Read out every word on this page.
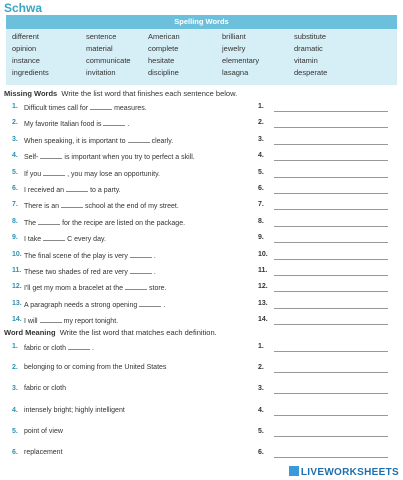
Schwa
Spelling Words
different	sentence	American	brilliant	substitute
opinion	material	complete	jewelry	dramatic
instance	communicate	hesitate	elementary	vitamin
ingredients	invitation	discipline	lasagna	desperate
Missing Words Write the list word that finishes each sentence below.
1. Difficult times call for	measures.	1.
2. My favorite Italian food is	.	2.
3. When speaking, it is important to	clearly.	3.
4. Self-	is important when you try to perfect a skill.	4.
5. If you	, you may lose an opportunity.	5.
6. I received an	to a party.	6.
7. There is an	school at the end of my street.	7.
8. The	for the recipe are listed on the package.	8.
9. I take	C every day.	9.
10. The final scene of the play is very	.	10.
11. These two shades of red are very	.	11.
12. I'll get my mom a bracelet at the	store.	12.
13. A paragraph needs a strong opening	.	13.
14. I will	my report tonight.	14.
Word Meaning Write the list word that matches each definition.
1. fabric or cloth	.	1.
2. belonging to or coming from the United States	2.
3. fabric or cloth	3.
4. intensely bright; highly intelligent	4.
5. point of view	5.
6. replacement	6.
LIVEWORKSHEETS
